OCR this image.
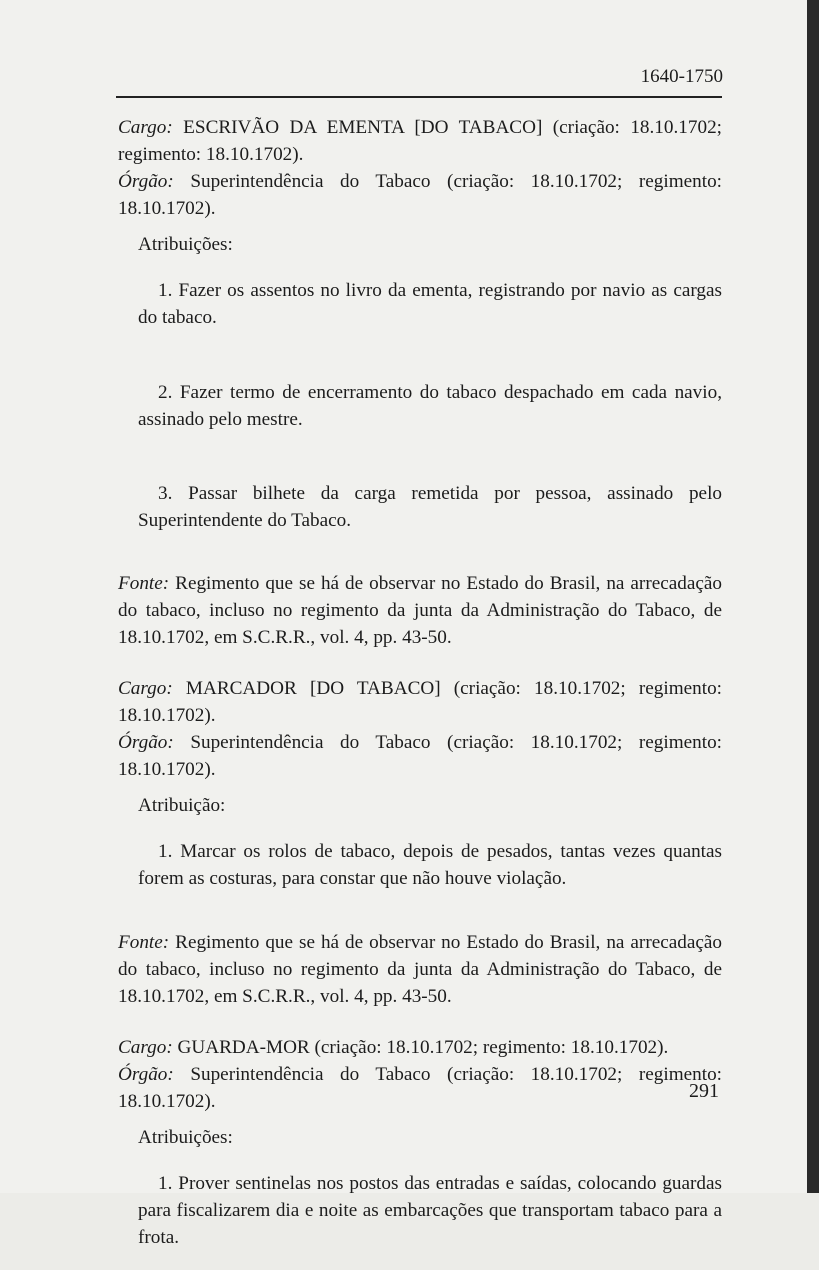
1640-1750

Cargo: ESCRIVÃO DA EMENTA [DO TABACO] (criação: 18.10.1702; regimento: 18.10.1702).

Órgão: Superintendência do Tabaco (criação: 18.10.1702; regimento: 18.10.1702).

Atribuições:

1. Fazer os assentos no livro da ementa, registrando por navio as cargas do tabaco.

2. Fazer termo de encerramento do tabaco despachado em cada navio, assinado pelo mestre.

3. Passar bilhete da carga remetida por pessoa, assinado pelo Superintendente do Tabaco.

Fonte: Regimento que se há de observar no Estado do Brasil, na arrecadação do tabaco, incluso no regimento da junta da Administração do Tabaco, de 18.10.1702, em S.C.R.R., vol. 4, pp. 43-50.

Cargo: MARCADOR [DO TABACO] (criação: 18.10.1702; regimento: 18.10.1702).

Órgão: Superintendência do Tabaco (criação: 18.10.1702; regimento: 18.10.1702).

Atribuição:

1. Marcar os rolos de tabaco, depois de pesados, tantas vezes quantas forem as costuras, para constar que não houve violação.

Fonte: Regimento que se há de observar no Estado do Brasil, na arrecadação do tabaco, incluso no regimento da junta da Administração do Tabaco, de 18.10.1702, em S.C.R.R., vol. 4, pp. 43-50.

Cargo: GUARDA-MOR (criação: 18.10.1702; regimento: 18.10.1702).

Órgão: Superintendência do Tabaco (criação: 18.10.1702; regimento: 18.10.1702).

Atribuições:

1. Prover sentinelas nos postos das entradas e saídas, colocando guardas para fiscalizarem dia e noite as embarcações que transportam tabaco para a frota.

291
